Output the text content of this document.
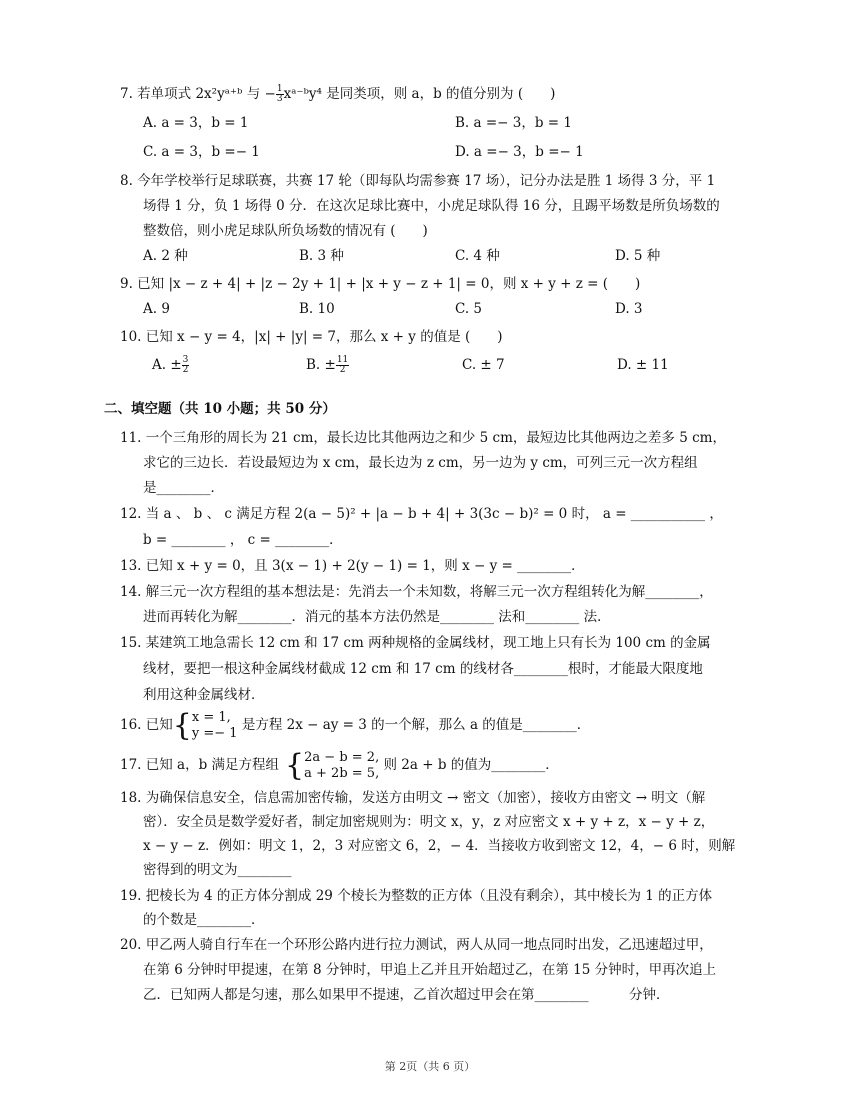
7. 若单项式 2x²yᵃ⁺ᵇ 与 − $\frac{1}{3}$ xᵃ⁻ᵇy⁴ 是同类项，则 a，b 的值分别为 (　　)
A. a = 3，b = 1	B. a =− 3，b = 1
C. a = 3，b =− 1	D. a =− 3，b =− 1
8. 今年学校举行足球联赛，共赛 17 轮（即每队均需参赛 17 场），记分办法是胜 1 场得 3 分，平 1
场得 1 分，负 1 场得 0 分．在这次足球比赛中，小虎足球队得 16 分，且踢平场数是所负场数的
整数倍，则小虎足球队所负场数的情况有 (　　)
A. 2 种	B. 3 种	C. 4 种	D. 5 种
9. 已知 |x − z + 4| + |z − 2y + 1| + |x + y − z + 1| = 0，则 x + y + z = (　　)
A. 9	B. 10	C. 5	D. 3
10. 已知 x − y = 4，|x| + |y| = 7，那么 x + y 的值是 (　　)
A. ± $\frac{3}{2}$	B. ± $\frac{11}{2}$	C. ± 7	D. ± 11
二、填空题（共 10 小题；共 50 分）
11. 一个三角形的周长为 21 cm，最长边比其他两边之和少 5 cm，最短边比其他两边之差多 5 cm，
求它的三边长．若设最短边为 x cm，最长边为 z cm，另一边为 y cm，可列三元一次方程组
是________．
12. 当 a 、 b 、 c 满足方程 2(a − 5)² + |a − b + 4| + 3(3c − b)² = 0 时， a = ___________ ，
b = ________ ， c = ________．
13. 已知 x + y = 0，且 3(x − 1) + 2(y − 1) = 1，则 x − y = ________．
14. 解三元一次方程组的基本想法是：先消去一个未知数，将解三元一次方程组转化为解________，
进而再转化为解________．消元的基本方法仍然是________ 法和________ 法．
15. 某建筑工地急需长 12 cm 和 17 cm 两种规格的金属线材，现工地上只有长为 100 cm 的金属
线材，要把一根这种金属线材截成 12 cm 和 17 cm 的线材各________根时，才能最大限度地
利用这种金属线材．
16. 已知{ x = 1,
y =− 1 是方程 2x − ay = 3 的一个解，那么 a 的值是________．
17. 已知 a，b 满足方程组 { 2a − b = 2,
a + 2b = 5, 则 2a + b 的值为________．
18. 为确保信息安全，信息需加密传输，发送方由明文 → 密文（加密），接收方由密文 → 明文（解
密）．安全员是数学爱好者，制定加密规则为：明文 x，y，z 对应密文 x + y + z，x − y + z，
x − y − z．例如：明文 1，2，3 对应密文 6，2，− 4．当接收方收到密文 12，4，− 6 时，则解
密得到的明文为________
19. 把棱长为 4 的正方体分割成 29 个棱长为整数的正方体（且没有剩余），其中棱长为 1 的正方体
的个数是________．
20. 甲乙两人骑自行车在一个环形公路内进行拉力测试，两人从同一地点同时出发，乙迅速超过甲，
在第 6 分钟时甲提速，在第 8 分钟时，甲追上乙并且开始超过乙，在第 15 分钟时，甲再次追上
乙．已知两人都是匀速，那么如果甲不提速，乙首次超过甲会在第________　　　分钟．
第 2页（共 6 页）
